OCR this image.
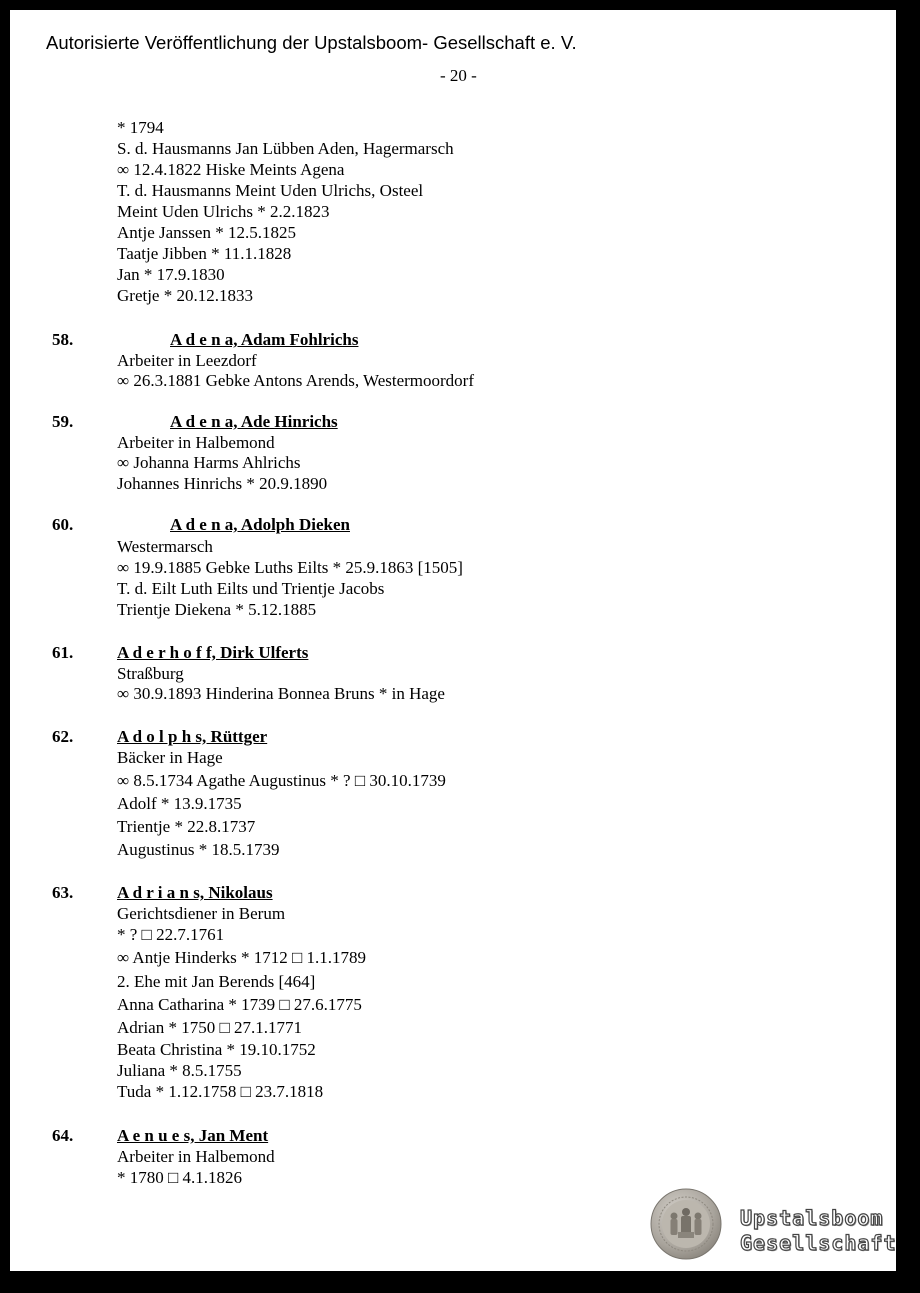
Autorisierte Veröffentlichung der Upstalsboom- Gesellschaft e. V.
- 20 -
* 1794
S. d. Hausmanns Jan Lübben Aden, Hagermarsch
∞ 12.4.1822 Hiske Meints Agena
T. d. Hausmanns Meint Uden Ulrichs, Osteel
Meint Uden Ulrichs * 2.2.1823
Antje Janssen * 12.5.1825
Taatje Jibben * 11.1.1828
Jan * 17.9.1830
Gretje * 20.12.1833
58.	A d e n a, Adam Fohlrichs
Arbeiter in Leezdorf
∞ 26.3.1881 Gebke Antons Arends, Westermoordorf
59.	A d e n a, Ade Hinrichs
Arbeiter in Halbemond
∞ Johanna Harms Ahlrichs
Johannes Hinrichs * 20.9.1890
60.	A d e n a, Adolph Dieken
Westermarsch
∞ 19.9.1885 Gebke Luths Eilts * 25.9.1863 [1505]
T. d. Eilt Luth Eilts und Trientje Jacobs
Trientje Diekena * 5.12.1885
61.	A d e r h o f f, Dirk Ulferts
Straßburg
∞ 30.9.1893 Hinderina Bonnea Bruns * in Hage
62.	A d o l p h s, Rüttger
Bäcker in Hage
∞ 8.5.1734 Agathe Augustinus * ? □ 30.10.1739
Adolf * 13.9.1735
Trientje * 22.8.1737
Augustinus * 18.5.1739
63.	A d r i a n s, Nikolaus
Gerichtsdiener in Berum
* ? □ 22.7.1761
∞ Antje Hinderks * 1712 □ 1.1.1789
2. Ehe mit Jan Berends [464]
Anna Catharina * 1739 □ 27.6.1775
Adrian * 1750 □ 27.1.1771
Beata Christina * 19.10.1752
Juliana * 8.5.1755
Tuda * 1.12.1758 □ 23.7.1818
64.	A e n u e s, Jan Ment
Arbeiter in Halbemond
* 1780 □ 4.1.1826
Upstalsboom
Gesellschaft
